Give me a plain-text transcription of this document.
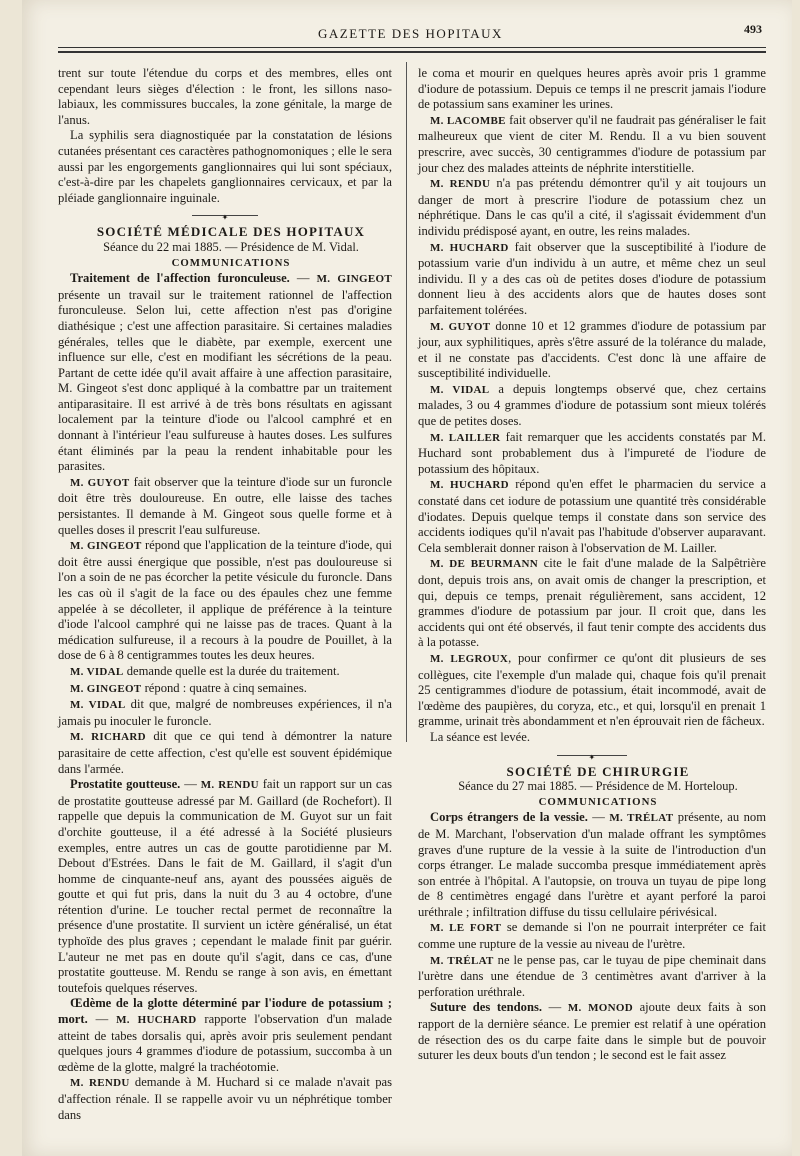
GAZETTE DES HOPITAUX	493

trent sur toute l'étendue du corps et des membres, elles ont cependant leurs sièges d'élection : le front, les sillons naso-labiaux, les commissures buccales, la zone génitale, la marge de l'anus.

La syphilis sera diagnostiquée par la constatation de lésions cutanées présentant ces caractères pathognomoniques ; elle le sera aussi par les engorgements ganglionnaires qui lui sont spéciaux, c'est-à-dire par les chapelets ganglionnaires cervicaux, et par la pléiade ganglionnaire inguinale.

✦

SOCIÉTÉ MÉDICALE DES HOPITAUX

Séance du 22 mai 1885. — Présidence de M. Vidal.

COMMUNICATIONS

Traitement de l'affection furonculeuse. — M. GINGEOT présente un travail sur le traitement rationnel de l'affection furonculeuse. Selon lui, cette affection n'est pas d'origine diathésique ; c'est une affection parasitaire. Si certaines maladies générales, telles que le diabète, par exemple, exercent une influence sur elle, c'est en modifiant les sécrétions de la peau. Partant de cette idée qu'il avait affaire à une affection parasitaire, M. Gingeot s'est donc appliqué à la combattre par un traitement antiparasitaire. Il est arrivé à de très bons résultats en agissant localement par la teinture d'iode ou l'alcool camphré et en donnant à l'intérieur l'eau sulfureuse à hautes doses. Les sulfures étant éliminés par la peau la rendent inhabitable pour les parasites.

M. GUYOT fait observer que la teinture d'iode sur un furoncle doit être très douloureuse. En outre, elle laisse des taches persistantes. Il demande à M. Gingeot sous quelle forme et à quelles doses il prescrit l'eau sulfureuse.

M. GINGEOT répond que l'application de la teinture d'iode, qui doit être aussi énergique que possible, n'est pas douloureuse si l'on a soin de ne pas écorcher la petite vésicule du furoncle. Dans les cas où il s'agit de la face ou des épaules chez une femme appelée à se décolleter, il applique de préférence à la teinture d'iode l'alcool camphré qui ne laisse pas de traces. Quant à la médication sulfureuse, il a recours à la poudre de Pouillet, à la dose de 6 à 8 centigrammes toutes les deux heures.

M. VIDAL demande quelle est la durée du traitement.

M. GINGEOT répond : quatre à cinq semaines.

M. VIDAL dit que, malgré de nombreuses expériences, il n'a jamais pu inoculer le furoncle.

M. RICHARD dit que ce qui tend à démontrer la nature parasitaire de cette affection, c'est qu'elle est souvent épidémique dans l'armée.

Prostatite goutteuse. — M. RENDU fait un rapport sur un cas de prostatite goutteuse adressé par M. Gaillard (de Rochefort). Il rappelle que depuis la communication de M. Guyot sur un fait d'orchite goutteuse, il a été adressé à la Société plusieurs exemples, entre autres un cas de goutte parotidienne par M. Debout d'Estrées. Dans le fait de M. Gaillard, il s'agit d'un homme de cinquante-neuf ans, ayant des poussées aiguës de goutte et qui fut pris, dans la nuit du 3 au 4 octobre, d'une rétention d'urine. Le toucher rectal permet de reconnaître la présence d'une prostatite. Il survient un ictère généralisé, un état typhoïde des plus graves ; cependant le malade finit par guérir. L'auteur ne met pas en doute qu'il s'agit, dans ce cas, d'une prostatite goutteuse. M. Rendu se range à son avis, en émettant toutefois quelques réserves.

Œdème de la glotte déterminé par l'iodure de potassium ; mort. — M. HUCHARD rapporte l'observation d'un malade atteint de tabes dorsalis qui, après avoir pris seulement pendant quelques jours 4 grammes d'iodure de potassium, succomba à un œdème de la glotte, malgré la trachéotomie.

M. RENDU demande à M. Huchard si ce malade n'avait pas d'affection rénale. Il se rappelle avoir vu un néphrétique tomber dans

le coma et mourir en quelques heures après avoir pris 1 gramme d'iodure de potassium. Depuis ce temps il ne prescrit jamais l'iodure de potassium sans examiner les urines.

M. LACOMBE fait observer qu'il ne faudrait pas généraliser le fait malheureux que vient de citer M. Rendu. Il a vu bien souvent prescrire, avec succès, 30 centigrammes d'iodure de potassium par jour chez des malades atteints de néphrite interstitielle.

M. RENDU n'a pas prétendu démontrer qu'il y ait toujours un danger de mort à prescrire l'iodure de potassium chez un néphrétique. Dans le cas qu'il a cité, il s'agissait évidemment d'un individu prédisposé ayant, en outre, les reins malades.

M. HUCHARD fait observer que la susceptibilité à l'iodure de potassium varie d'un individu à un autre, et même chez un seul individu. Il y a des cas où de petites doses d'iodure de potassium donnent lieu à des accidents alors que de hautes doses sont parfaitement tolérées.

M. GUYOT donne 10 et 12 grammes d'iodure de potassium par jour, aux syphilitiques, après s'être assuré de la tolérance du malade, et il ne constate pas d'accidents. C'est donc là une affaire de susceptibilité individuelle.

M. VIDAL a depuis longtemps observé que, chez certains malades, 3 ou 4 grammes d'iodure de potassium sont mieux tolérés que de petites doses.

M. LAILLER fait remarquer que les accidents constatés par M. Huchard sont probablement dus à l'impureté de l'iodure de potassium des hôpitaux.

M. HUCHARD répond qu'en effet le pharmacien du service a constaté dans cet iodure de potassium une quantité très considérable d'iodates. Depuis quelque temps il constate dans son service des accidents iodiques qu'il n'avait pas l'habitude d'observer auparavant. Cela semblerait donner raison à l'observation de M. Lailler.

M. DE BEURMANN cite le fait d'une malade de la Salpêtrière dont, depuis trois ans, on avait omis de changer la prescription, et qui, depuis ce temps, prenait régulièrement, sans accident, 12 grammes d'iodure de potassium par jour. Il croit que, dans les accidents qui ont été observés, il faut tenir compte des accidents dus à la potasse.

M. LEGROUX, pour confirmer ce qu'ont dit plusieurs de ses collègues, cite l'exemple d'un malade qui, chaque fois qu'il prenait 25 centigrammes d'iodure de potassium, était incommodé, avait de l'œdème des paupières, du coryza, etc., et qui, lorsqu'il en prenait 1 gramme, urinait très abondamment et n'en éprouvait rien de fâcheux.

La séance est levée.

✦

SOCIÉTÉ DE CHIRURGIE

Séance du 27 mai 1885. — Présidence de M. Horteloup.

COMMUNICATIONS

Corps étrangers de la vessie. — M. TRÉLAT présente, au nom de M. Marchant, l'observation d'un malade offrant les symptômes graves d'une rupture de la vessie à la suite de l'introduction d'un corps étranger. Le malade succomba presque immédiatement après son entrée à l'hôpital. A l'autopsie, on trouva un tuyau de pipe long de 8 centimètres engagé dans l'urètre et ayant perforé la paroi uréthrale ; infiltration diffuse du tissu cellulaire périvésical.

M. LE FORT se demande si l'on ne pourrait interpréter ce fait comme une rupture de la vessie au niveau de l'urètre.

M. TRÉLAT ne le pense pas, car le tuyau de pipe cheminait dans l'urètre dans une étendue de 3 centimètres avant d'arriver à la perforation uréthrale.

Suture des tendons. — M. MONOD ajoute deux faits à son rapport de la dernière séance. Le premier est relatif à une opération de résection des os du carpe faite dans le simple but de pouvoir suturer les deux bouts d'un tendon ; le second est le fait assez
